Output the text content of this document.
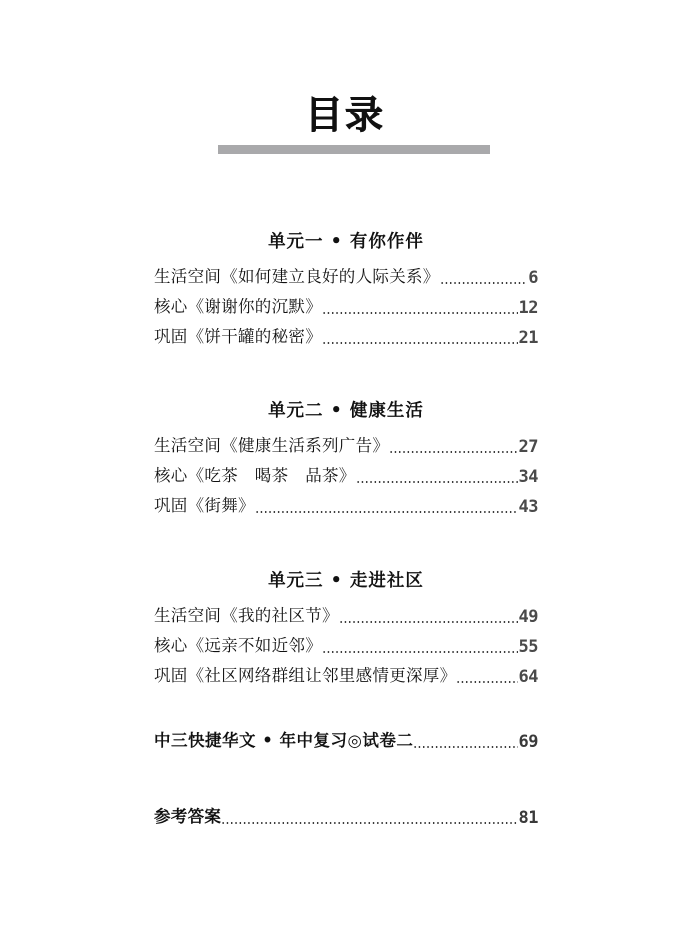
目录
单元一 • 有你作伴
生活空间《如何建立良好的人际关系》	6
核心《谢谢你的沉默》	12
巩固《饼干罐的秘密》	21
单元二 • 健康生活
生活空间《健康生活系列广告》	27
核心《吃茶　喝茶　品茶》	34
巩固《街舞》	43
单元三 • 走进社区
生活空间《我的社区节》	49
核心《远亲不如近邻》	55
巩固《社区网络群组让邻里感情更深厚》	64
中三快捷华文 • 年中复习◎试卷二	69
参考答案	81
